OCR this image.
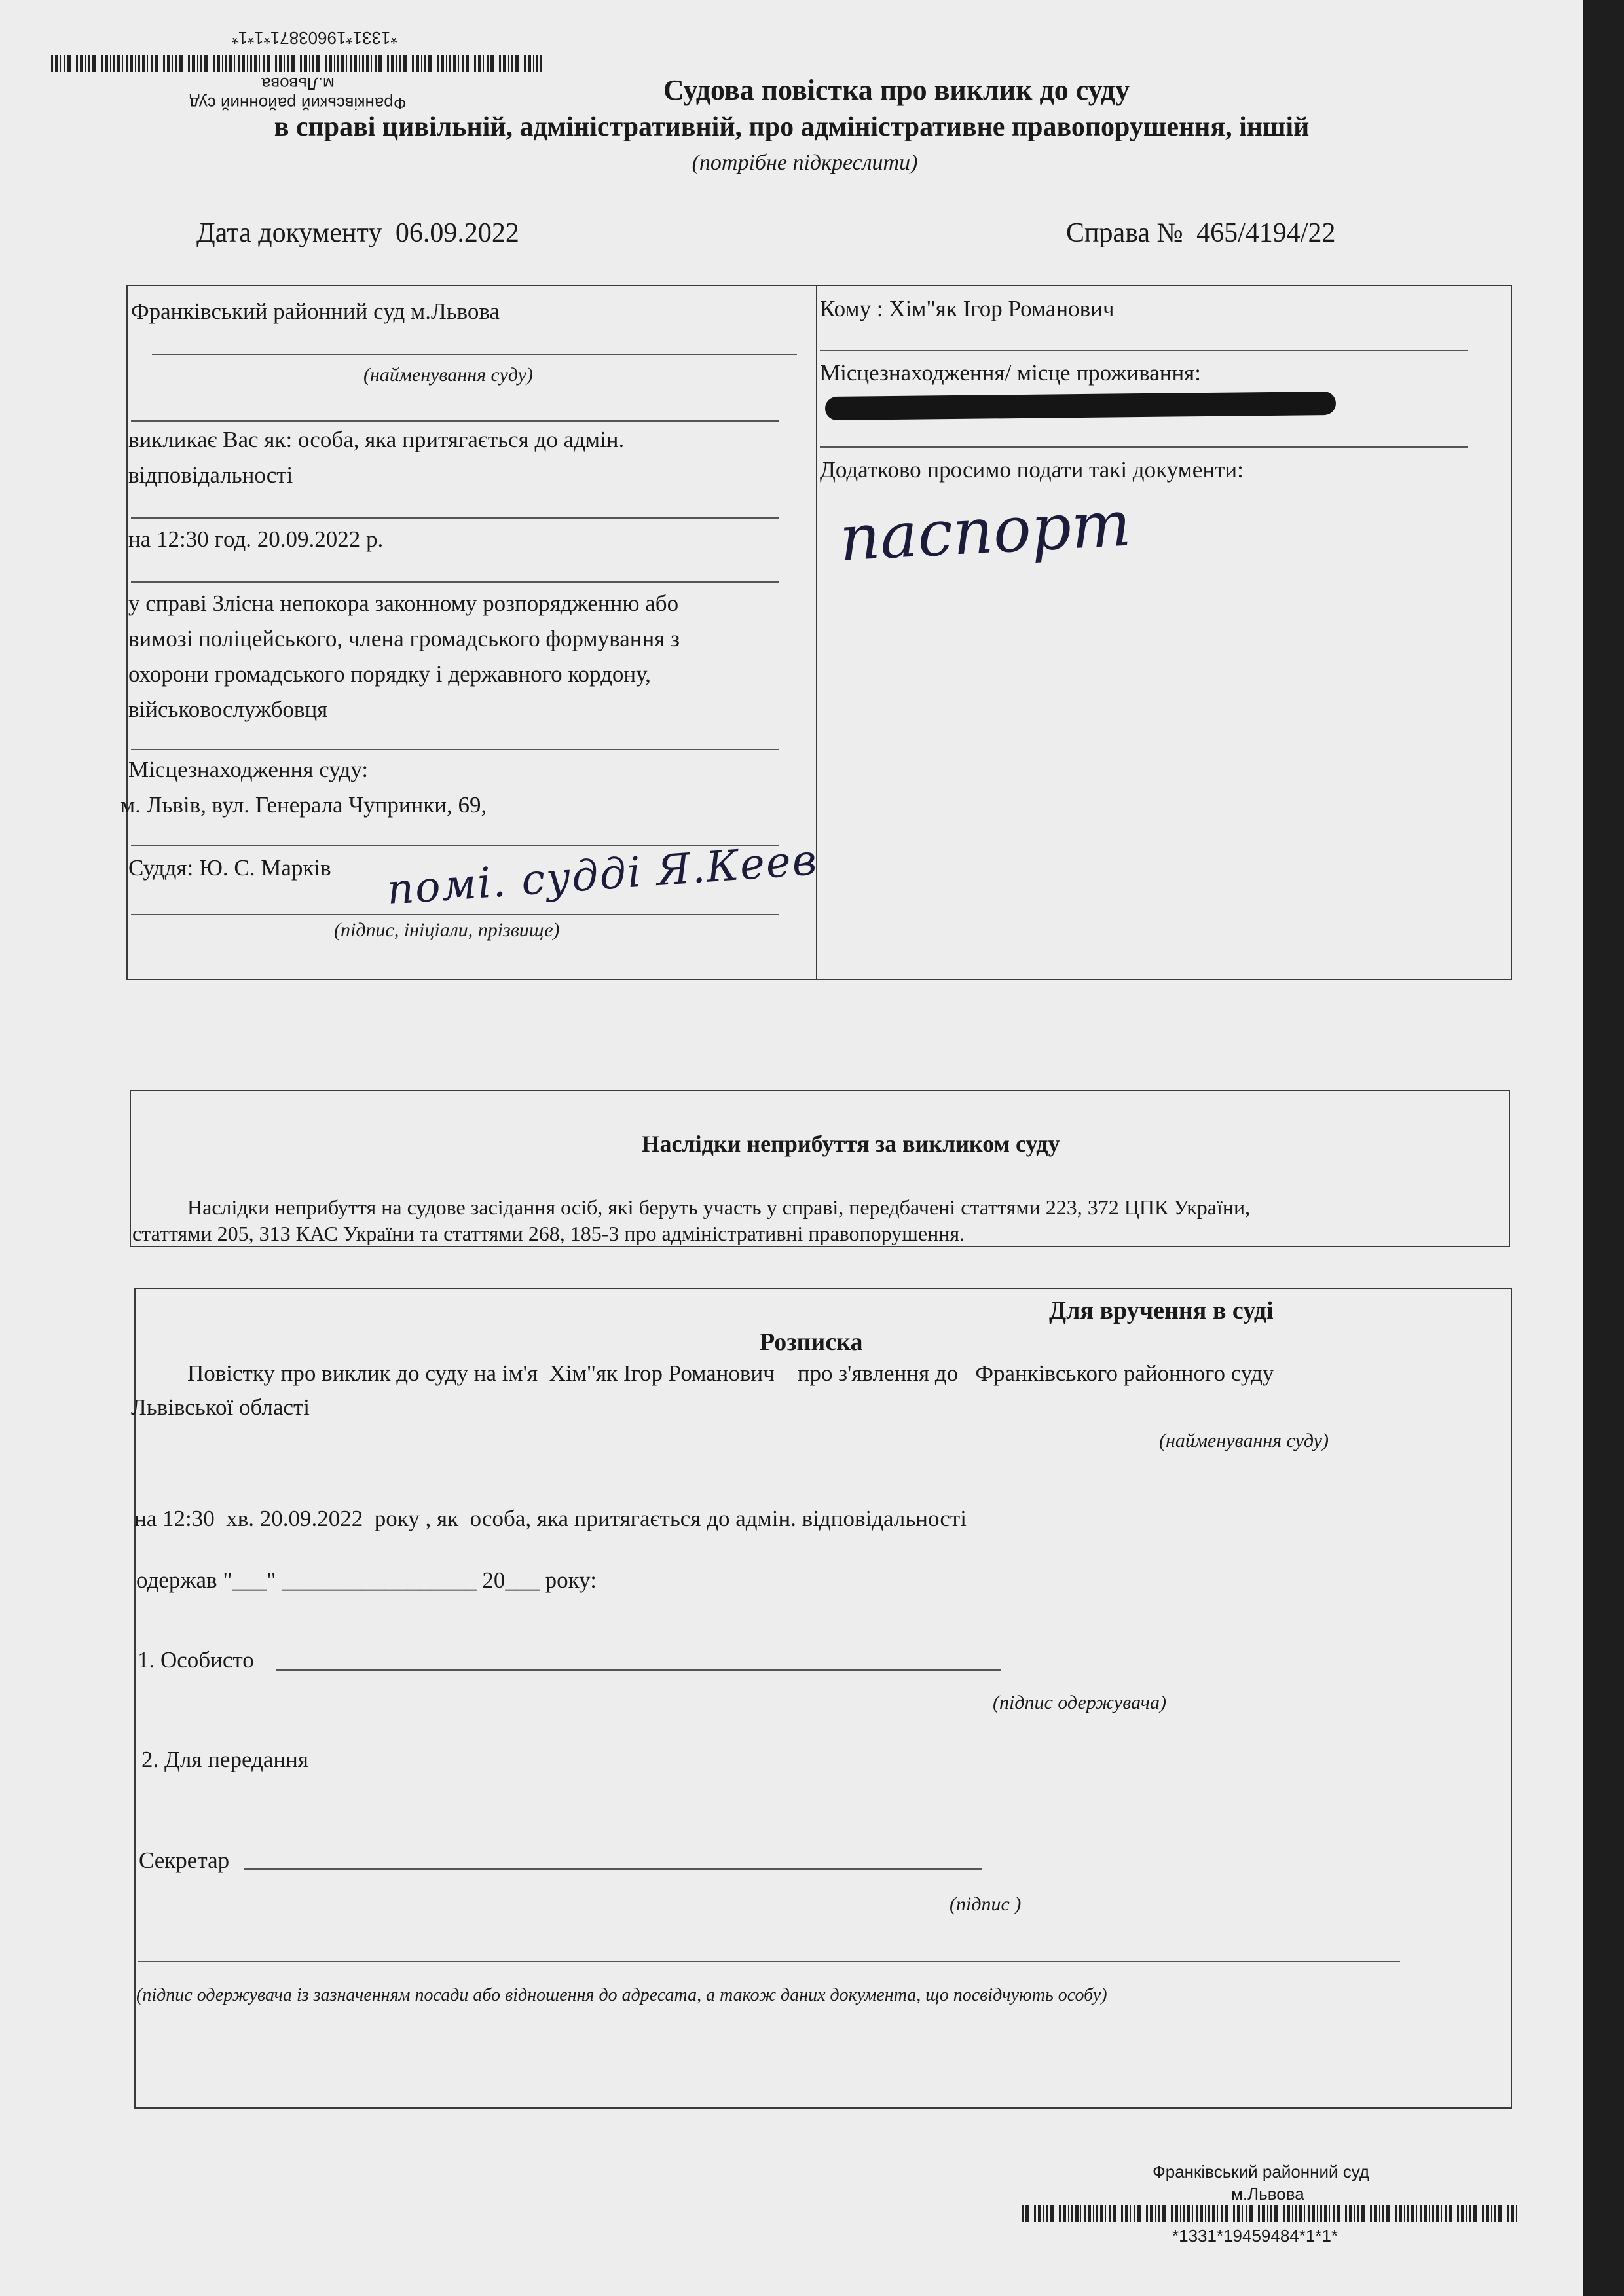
*1331*19603871*1*1*
Франківський районний суд
м.Львова	Судова повістка про виклик до суду
в справі цивільній, адміністративній, про адміністративне правопорушення, іншій
(потрібне підкреслити)
Дата документу 06.09.2022	Справа № 465/4194/22
Франківський районний суд м.Львова
(найменування суду)
викликає Вас як: особа, яка притягається до адмін.
відповідальності
на 12:30 год. 20.09.2022 р.
у справі Злісна непокора законному розпорядженню або
вимозі поліцейського, члена громадського формування з
охорони громадського порядку і державного кордону,
військовослужбовця
Місцезнаходження суду:
м. Львів, вул. Генерала Чупринки, 69,
Суддя: Ю. С. Марків помі. судді Я.Кеев
(підпис, ініціали, прізвище)
Кому : Хім"як Ігор Романович
Місцезнаходження/ місце проживання:
Додатково просимо подати такі документи:
паспорт
Наслідки неприбуття за викликом суду
Наслідки неприбуття на судове засідання осіб, які беруть участь у справі, передбачені статтями 223, 372 ЦПК України,
статтями 205, 313 КАС України та статтями 268, 185-3 про адміністративні правопорушення.
Для вручення в суді
Розписка
Повістку про виклик до суду на ім'я  Хім"як Ігор Романович    про з'явлення до   Франківського районного суду
Львівської області
(найменування суду)
на 12:30  хв. 20.09.2022  року , як  особа, яка притягається до адмін. відповідальності
одержав "___" _________________ 20___ року:
1. Особисто
(підпис одержувача)
2. Для передання
Секретар
(підпис )
(підпис одержувача із зазначенням посади або відношення до адресата, а також даних документа, що посвідчують особу)
Франківський районний суд
м.Львова
*1331*19459484*1*1*
